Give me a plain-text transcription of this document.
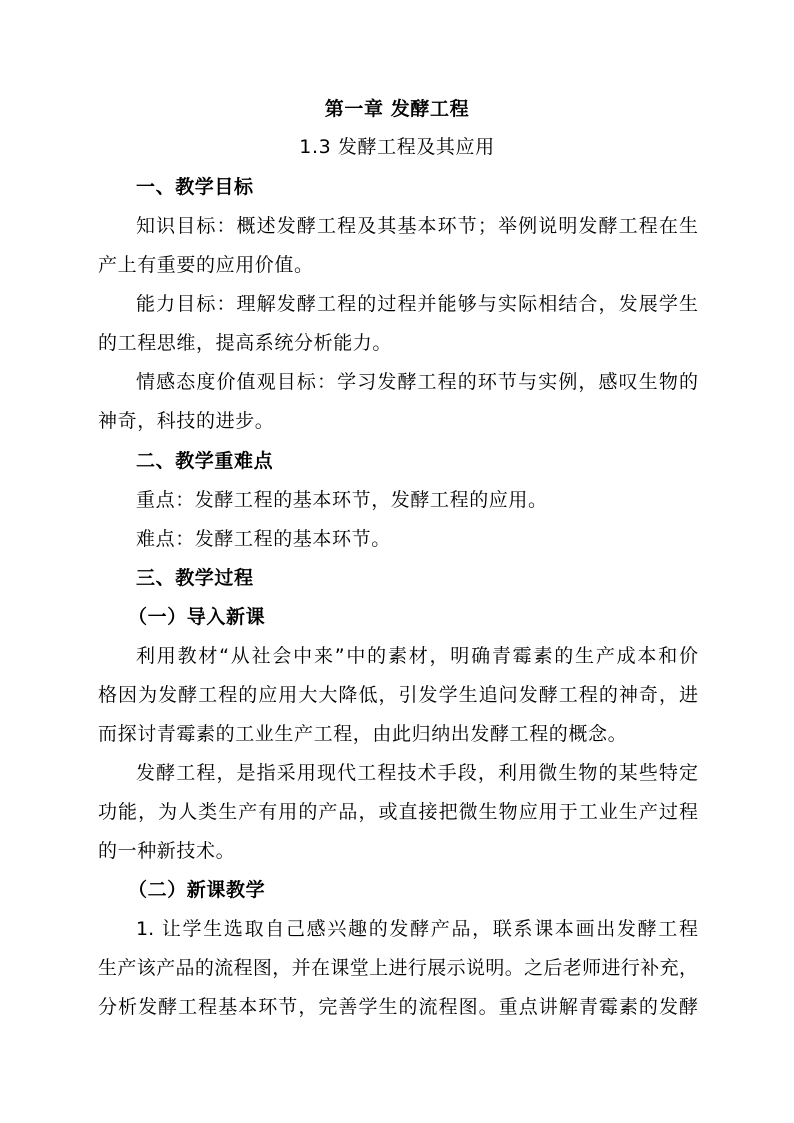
第一章 发酵工程
1.3 发酵工程及其应用
一、教学目标
知识目标：概述发酵工程及其基本环节；举例说明发酵工程在生
产上有重要的应用价值。
能力目标：理解发酵工程的过程并能够与实际相结合，发展学生
的工程思维，提高系统分析能力。
情感态度价值观目标：学习发酵工程的环节与实例，感叹生物的
神奇，科技的进步。
二、教学重难点
重点：发酵工程的基本环节，发酵工程的应用。
难点：发酵工程的基本环节。
三、教学过程
（一）导入新课
利用教材“从社会中来”中的素材，明确青霉素的生产成本和价
格因为发酵工程的应用大大降低，引发学生追问发酵工程的神奇，进
而探讨青霉素的工业生产工程，由此归纳出发酵工程的概念。
发酵工程，是指采用现代工程技术手段，利用微生物的某些特定
功能，为人类生产有用的产品，或直接把微生物应用于工业生产过程
的一种新技术。
（二）新课教学
1. 让学生选取自己感兴趣的发酵产品，联系课本画出发酵工程
生产该产品的流程图，并在课堂上进行展示说明。之后老师进行补充，
分析发酵工程基本环节，完善学生的流程图。重点讲解青霉素的发酵
